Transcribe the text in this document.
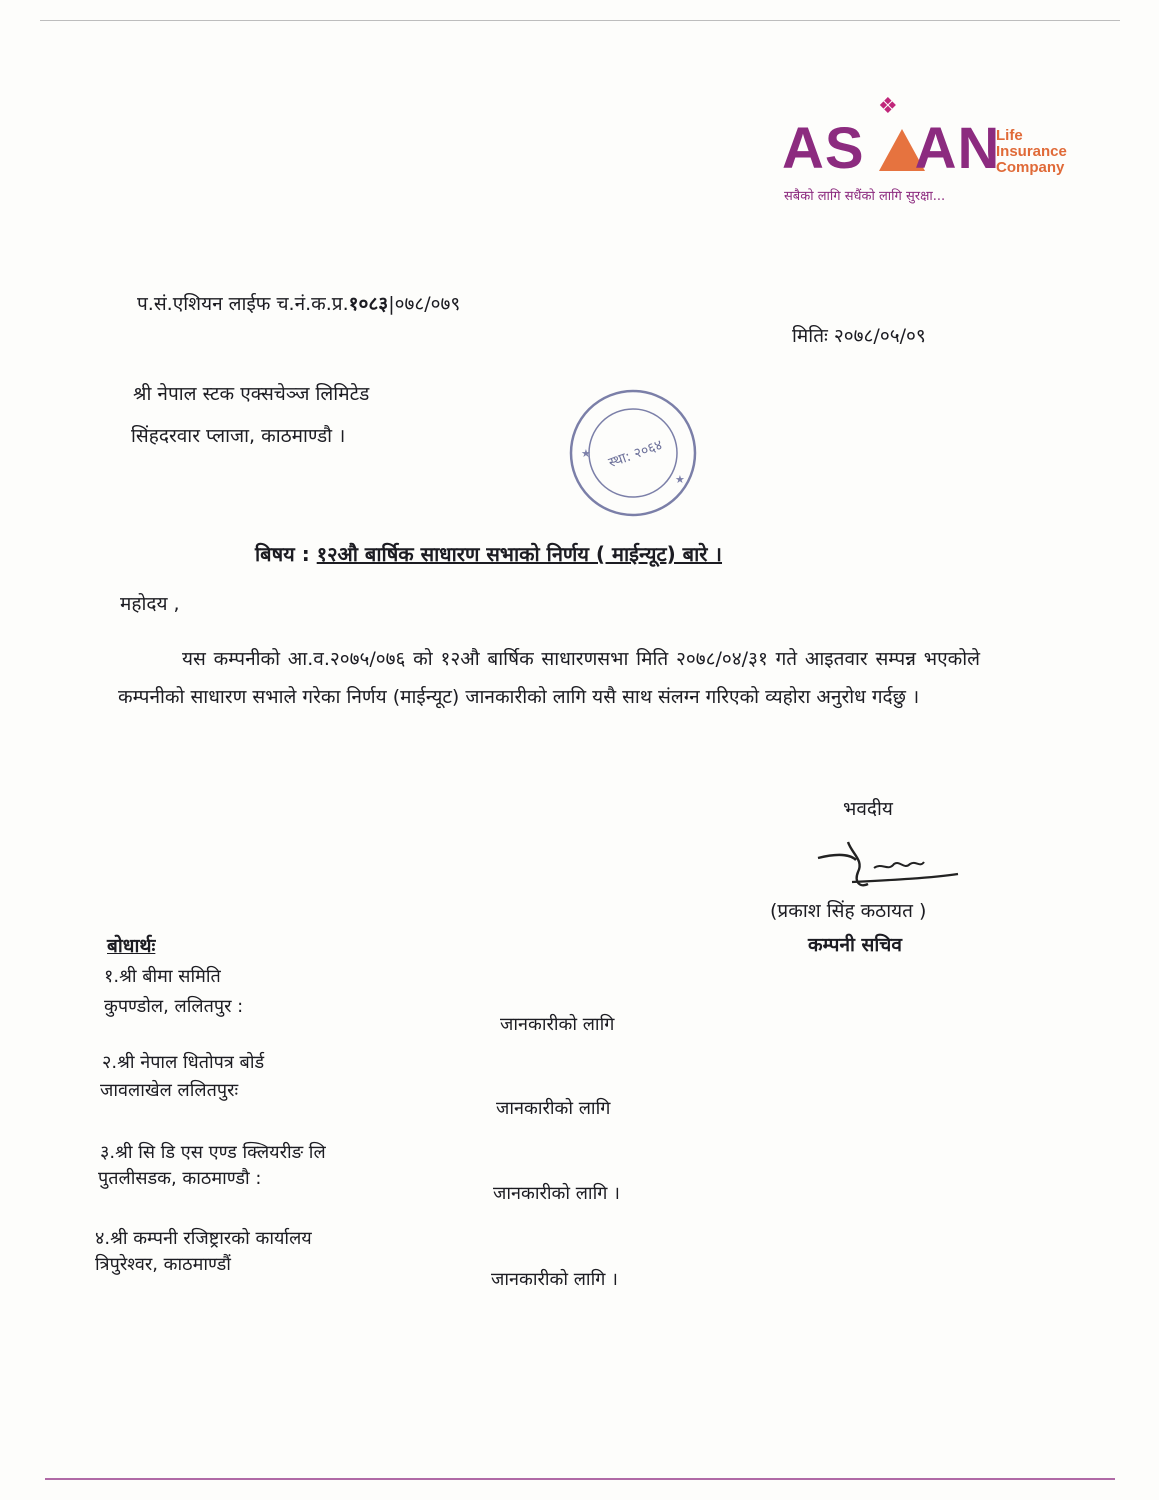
❖
AS AN
Life
Insurance
Company
सबैको लागि सधैंको लागि सुरक्षा...
प.सं.एशियन लाईफ च.नं.क.प्र.१०८३|०७८/०७९
मितिः २०७८/०५/०९
श्री नेपाल स्टक एक्सचेञ्ज लिमिटेड
सिंहदरवार प्लाजा, काठमाण्डौ ।
★
★
स्था: २०६४
बिषय : १२औ बार्षिक साधारण सभाको निर्णय ( माईन्यूट) बारे ।
महोदय ,

यस कम्पनीको आ.व.२०७५/०७६ को १२औ बार्षिक साधारणसभा मिति २०७८/०४/३१ गते आइतवार सम्पन्न भएकोले कम्पनीको साधारण सभाले गरेका निर्णय (माईन्यूट) जानकारीको लागि यसै साथ संलग्न गरिएको व्यहोरा अनुरोध गर्दछु ।

भवदीय
(प्रकाश सिंह कठायत )
कम्पनी सचिव
बोधार्थः
१.श्री बीमा समिति
कुपण्डोल, ललितपुर :
जानकारीको लागि
२.श्री नेपाल धितोपत्र बोर्ड
जावलाखेल ललितपुरः
जानकारीको लागि
३.श्री सि डि एस एण्ड क्लियरीङ लि
पुतलीसडक, काठमाण्डौ :
जानकारीको लागि ।
४.श्री कम्पनी रजिष्ट्रारको कार्यालय
त्रिपुरेश्वर, काठमाण्डौं
जानकारीको लागि ।
